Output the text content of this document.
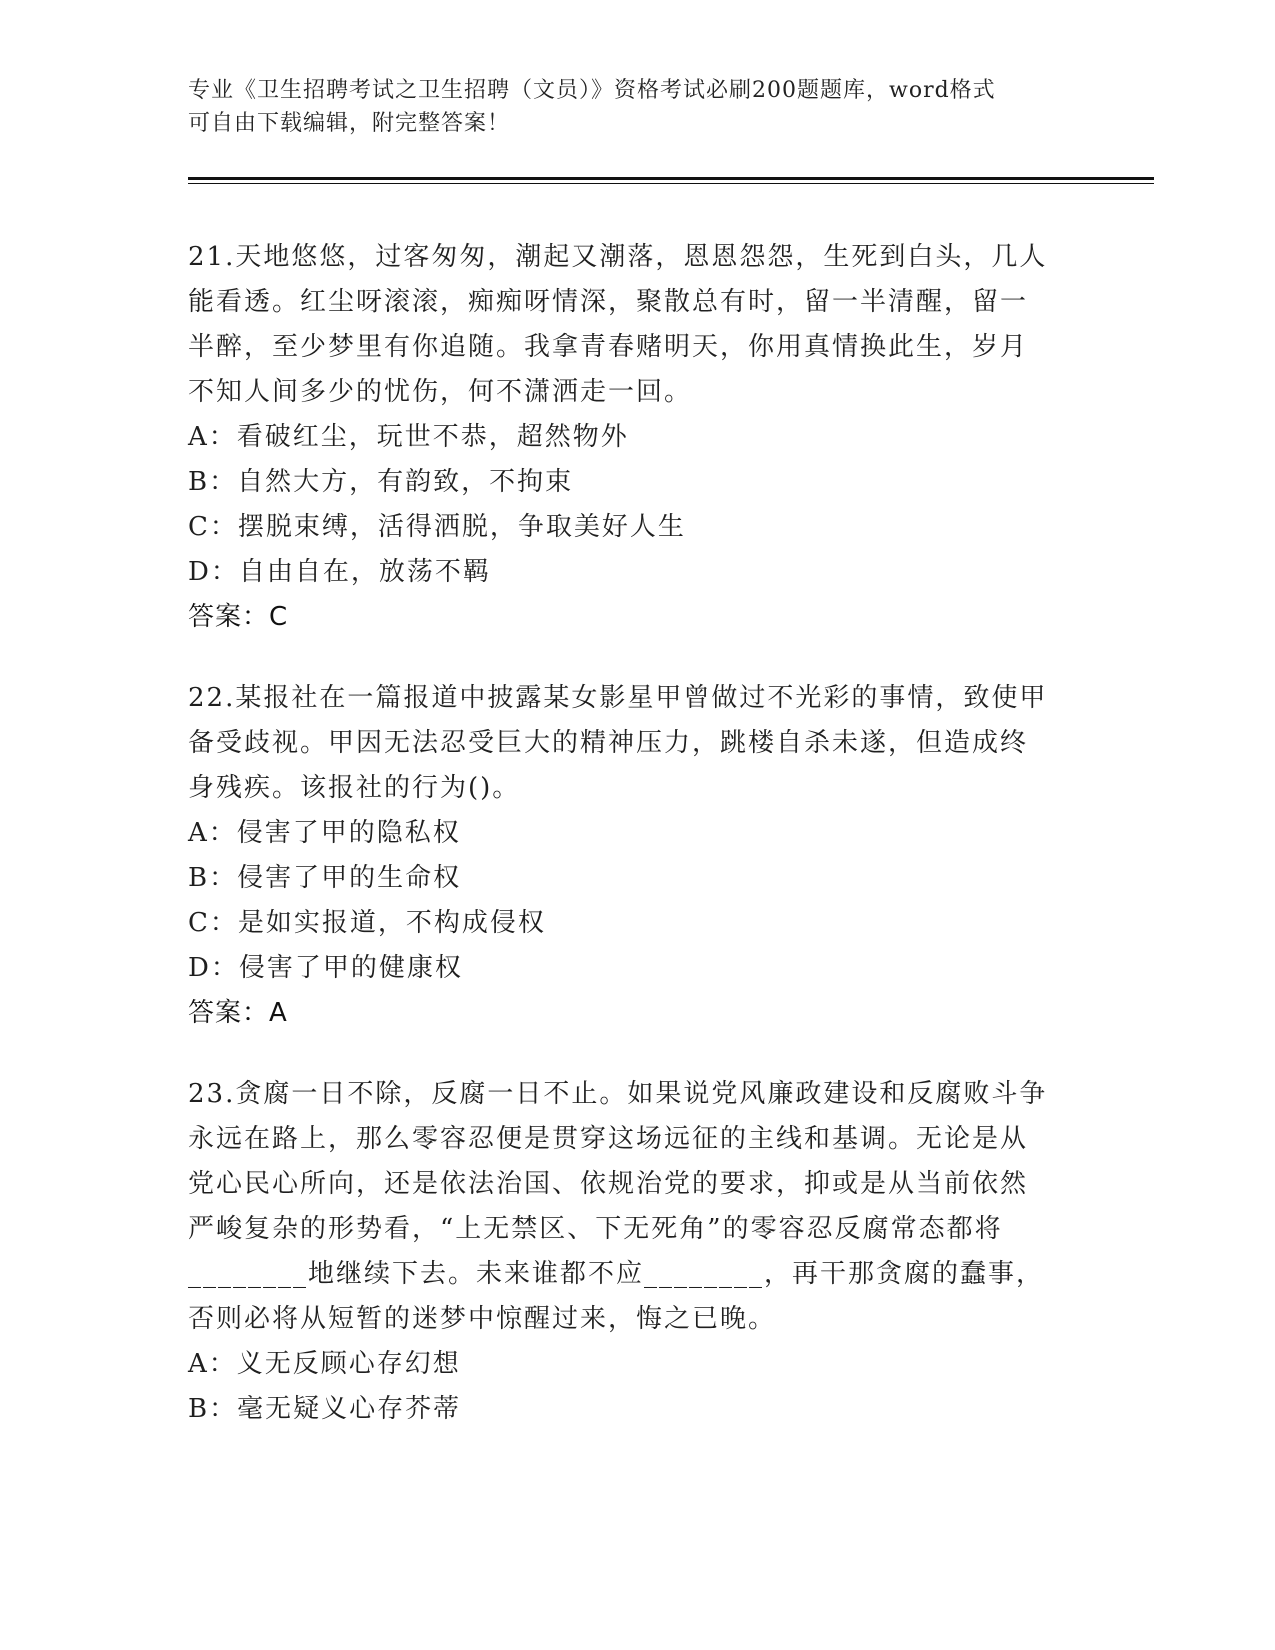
专业《卫生招聘考试之卫生招聘（文员）》资格考试必刷200题题库，word格式
可自由下载编辑，附完整答案！

21.天地悠悠，过客匆匆，潮起又潮落，恩恩怨怨，生死到白头，几人

能看透。红尘呀滚滚，痴痴呀情深，聚散总有时，留一半清醒，留一

半醉，至少梦里有你追随。我拿青春赌明天，你用真情换此生，岁月

不知人间多少的忧伤，何不潇洒走一回。

A：看破红尘，玩世不恭，超然物外

B：自然大方，有韵致，不拘束

C：摆脱束缚，活得洒脱，争取美好人生

D：自由自在，放荡不羁

答案：C

22.某报社在一篇报道中披露某女影星甲曾做过不光彩的事情，致使甲

备受歧视。甲因无法忍受巨大的精神压力，跳楼自杀未遂，但造成终

身残疾。该报社的行为()。

A：侵害了甲的隐私权

B：侵害了甲的生命权

C：是如实报道，不构成侵权

D：侵害了甲的健康权

答案：A

23.贪腐一日不除，反腐一日不止。如果说党风廉政建设和反腐败斗争

永远在路上，那么零容忍便是贯穿这场远征的主线和基调。无论是从

党心民心所向，还是依法治国、依规治党的要求，抑或是从当前依然

严峻复杂的形势看，“上无禁区、下无死角”的零容忍反腐常态都将

________地继续下去。未来谁都不应________，再干那贪腐的蠢事，

否则必将从短暂的迷梦中惊醒过来，悔之已晚。

A：义无反顾心存幻想

B：毫无疑义心存芥蒂
